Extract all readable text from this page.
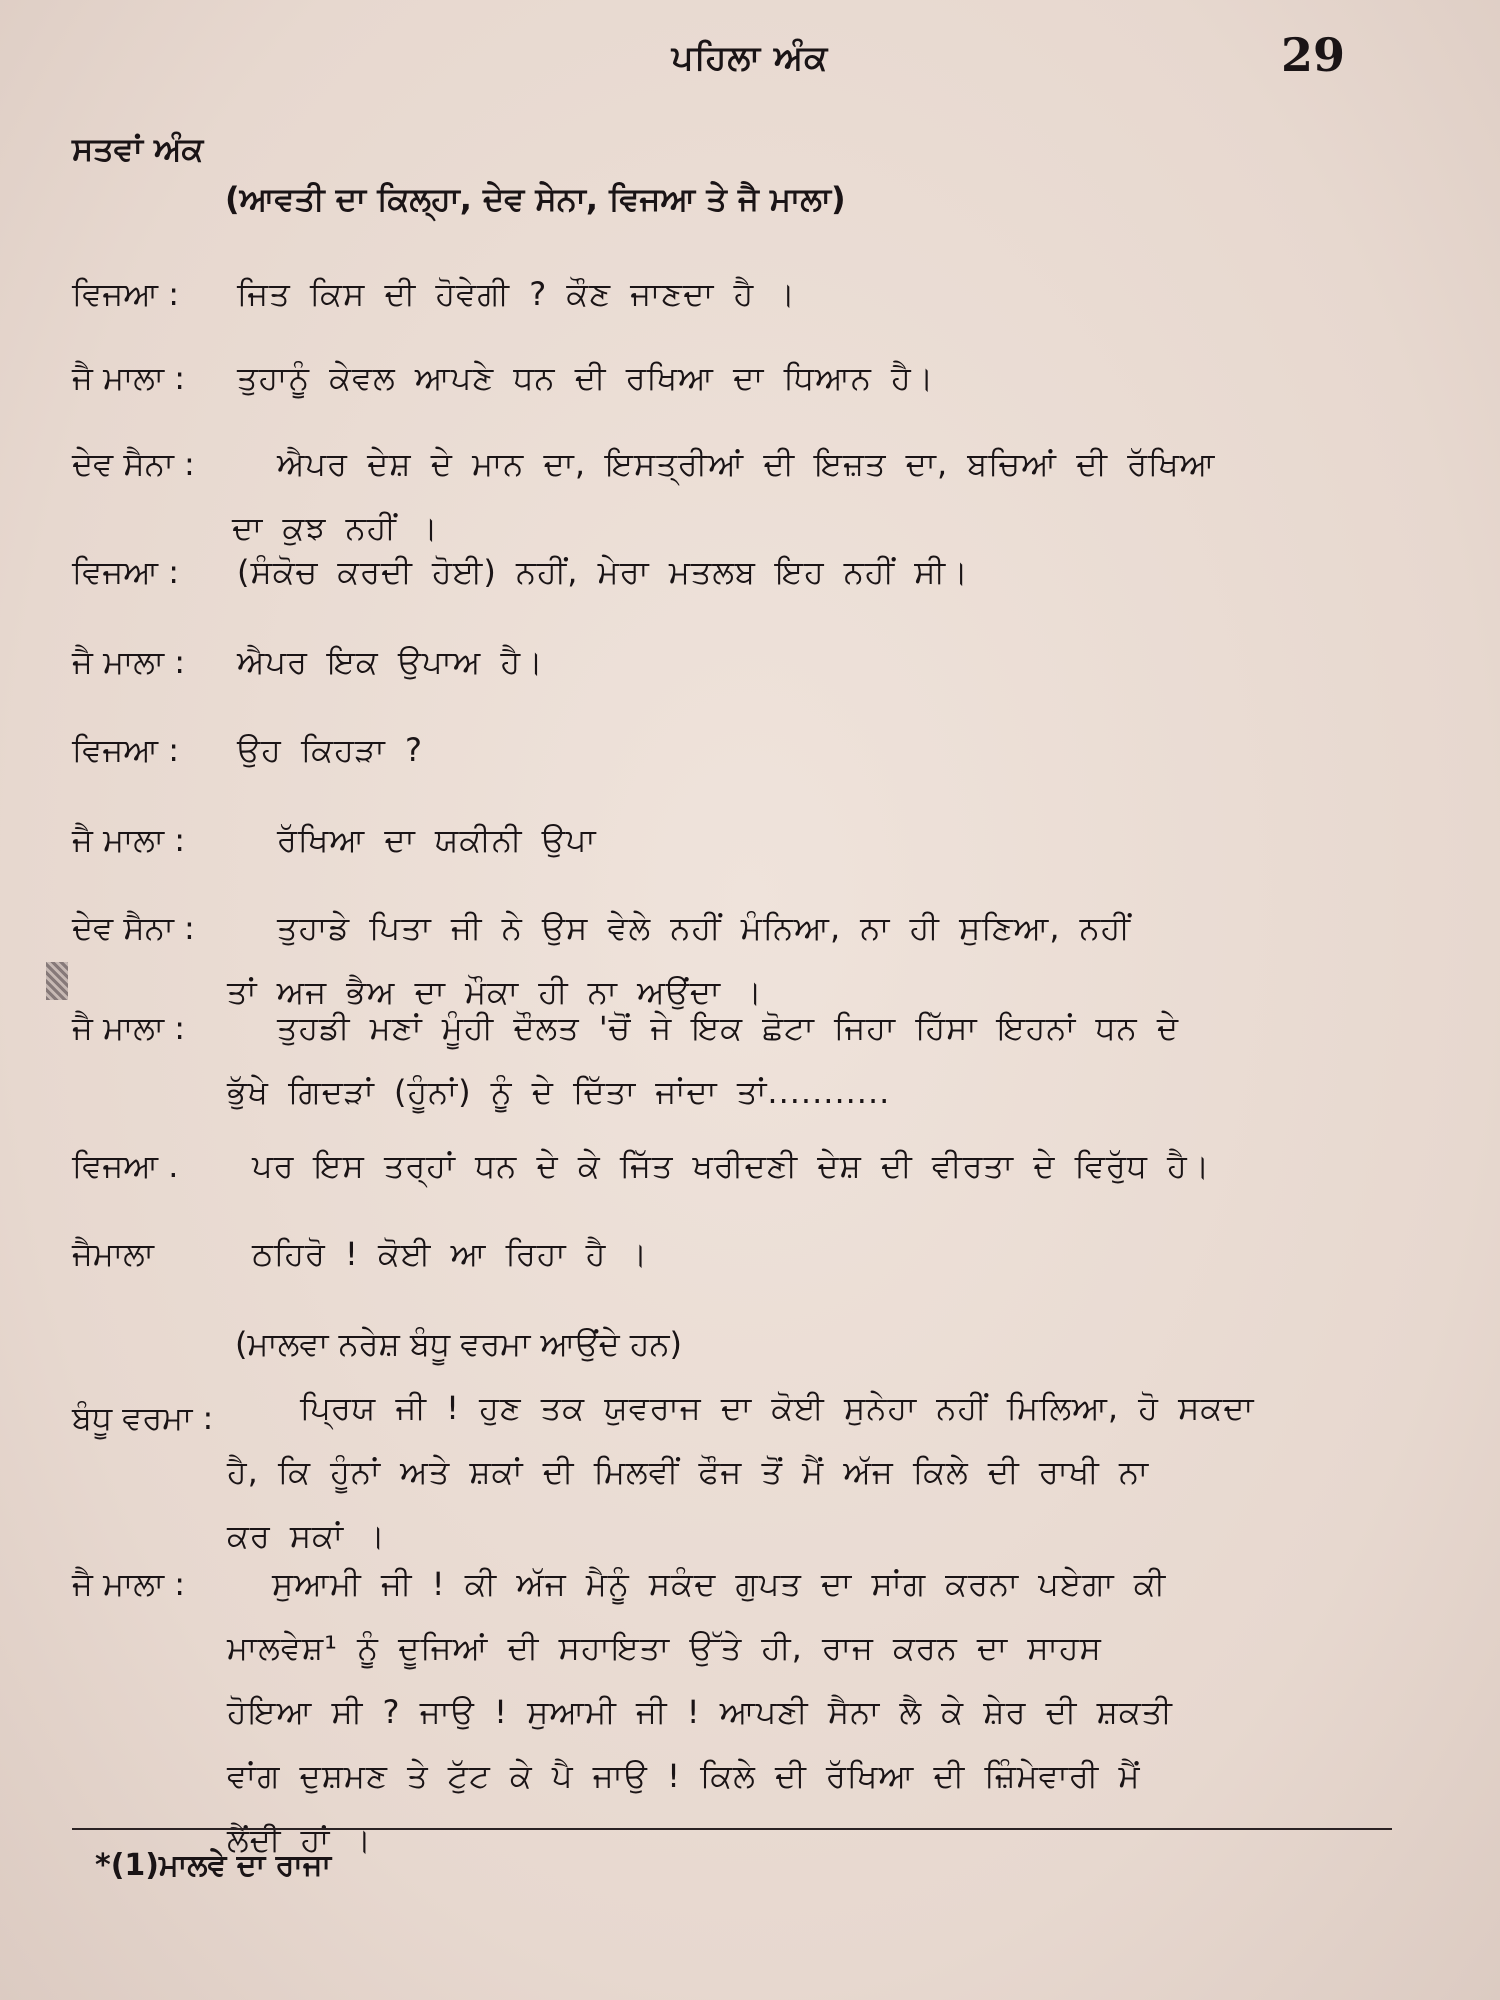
ਪਹਿਲਾ ਅੰਕ	29
ਸਤਵਾਂ ਅੰਕ
(ਆਵਤੀ ਦਾ ਕਿਲ੍ਹਾ, ਦੇਵ ਸੇਨਾ, ਵਿਜਆ ਤੇ ਜੈ ਮਾਲਾ)
ਵਿਜਆ :	ਜਿਤ ਕਿਸ ਦੀ ਹੋਵੇਗੀ ? ਕੌਣ ਜਾਣਦਾ ਹੈ ।
ਜੈ ਮਾਲਾ :	ਤੁਹਾਨੂੰ ਕੇਵਲ ਆਪਣੇ ਧਨ ਦੀ ਰਖਿਆ ਦਾ ਧਿਆਨ ਹੈ।
ਦੇਵ ਸੈਨਾ :	ਐਪਰ ਦੇਸ਼ ਦੇ ਮਾਨ ਦਾ, ਇਸਤ੍ਰੀਆਂ ਦੀ ਇਜ਼ਤ ਦਾ, ਬਚਿਆਂ ਦੀ ਰੱਖਿਆ
ਦਾ ਕੁਝ ਨਹੀਂ ।
ਵਿਜਆ :	(ਸੰਕੋਚ ਕਰਦੀ ਹੋਈ) ਨਹੀਂ, ਮੇਰਾ ਮਤਲਬ ਇਹ ਨਹੀਂ ਸੀ।
ਜੈ ਮਾਲਾ :	ਐਪਰ ਇਕ ਉਪਾਅ ਹੈ।
ਵਿਜਆ :	ਉਹ ਕਿਹੜਾ ?
ਜੈ ਮਾਲਾ :	ਰੱਖਿਆ ਦਾ ਯਕੀਨੀ ਉਪਾ
ਦੇਵ ਸੈਨਾ :	ਤੁਹਾਡੇ ਪਿਤਾ ਜੀ ਨੇ ਉਸ ਵੇਲੇ ਨਹੀਂ ਮੰਨਿਆ, ਨਾ ਹੀ ਸੁਣਿਆ, ਨਹੀਂ
ਤਾਂ ਅਜ ਭੈਅ ਦਾ ਮੌਕਾ ਹੀ ਨਾ ਅਉਂਦਾ ।
ਜੈ ਮਾਲਾ :	ਤੁਹਡੀ ਮਣਾਂ ਮੂੰਹੀ ਦੌਲਤ 'ਚੋਂ ਜੇ ਇਕ ਛੋਟਾ ਜਿਹਾ ਹਿੱਸਾ ਇਹਨਾਂ ਧਨ ਦੇ
ਭੁੱਖੇ ਗਿਦੜਾਂ (ਹੂੰਨਾਂ) ਨੂੰ ਦੇ ਦਿੱਤਾ ਜਾਂਦਾ ਤਾਂ...........
ਵਿਜਆ .	ਪਰ ਇਸ ਤਰ੍ਹਾਂ ਧਨ ਦੇ ਕੇ ਜਿੱਤ ਖਰੀਦਣੀ ਦੇਸ਼ ਦੀ ਵੀਰਤਾ ਦੇ ਵਿਰੁੱਧ ਹੈ।
ਜੈਮਾਲਾ	ਠਹਿਰੋ ! ਕੋਈ ਆ ਰਿਹਾ ਹੈ ।
(ਮਾਲਵਾ ਨਰੇਸ਼ ਬੰਧੂ ਵਰਮਾ ਆਉਂਦੇ ਹਨ)
ਬੰਧੂ ਵਰਮਾ :	ਪ੍ਰਿਯ ਜੀ ! ਹੁਣ ਤਕ ਯੁਵਰਾਜ ਦਾ ਕੋਈ ਸੁਨੇਹਾ ਨਹੀਂ ਮਿਲਿਆ, ਹੋ ਸਕਦਾ
ਹੈ, ਕਿ ਹੂੰਨਾਂ ਅਤੇ ਸ਼ਕਾਂ ਦੀ ਮਿਲਵੀਂ ਫੌਜ ਤੋਂ ਮੈਂ ਅੱਜ ਕਿਲੇ ਦੀ ਰਾਖੀ ਨਾ
ਕਰ ਸਕਾਂ ।
ਜੈ ਮਾਲਾ :	ਸੁਆਮੀ ਜੀ ! ਕੀ ਅੱਜ ਮੈਨੂੰ ਸਕੰਦ ਗੁਪਤ ਦਾ ਸਾਂਗ ਕਰਨਾ ਪਏਗਾ ਕੀ
ਮਾਲਵੇਸ਼¹ ਨੂੰ ਦੂਜਿਆਂ ਦੀ ਸਹਾਇਤਾ ਉੱਤੇ ਹੀ, ਰਾਜ ਕਰਨ ਦਾ ਸਾਹਸ
ਹੋਇਆ ਸੀ ? ਜਾਉ ! ਸੁਆਮੀ ਜੀ ! ਆਪਣੀ ਸੈਨਾ ਲੈ ਕੇ ਸ਼ੇਰ ਦੀ ਸ਼ਕਤੀ
ਵਾਂਗ ਦੁਸ਼ਮਣ ਤੇ ਟੁੱਟ ਕੇ ਪੈ ਜਾਉ ! ਕਿਲੇ ਦੀ ਰੱਖਿਆ ਦੀ ਜ਼ਿੰਮੇਵਾਰੀ ਮੈਂ
ਲੈਂਦੀ ਹਾਂ ।
*(1)ਮਾਲਵੇ ਦਾ ਰਾਜਾ
